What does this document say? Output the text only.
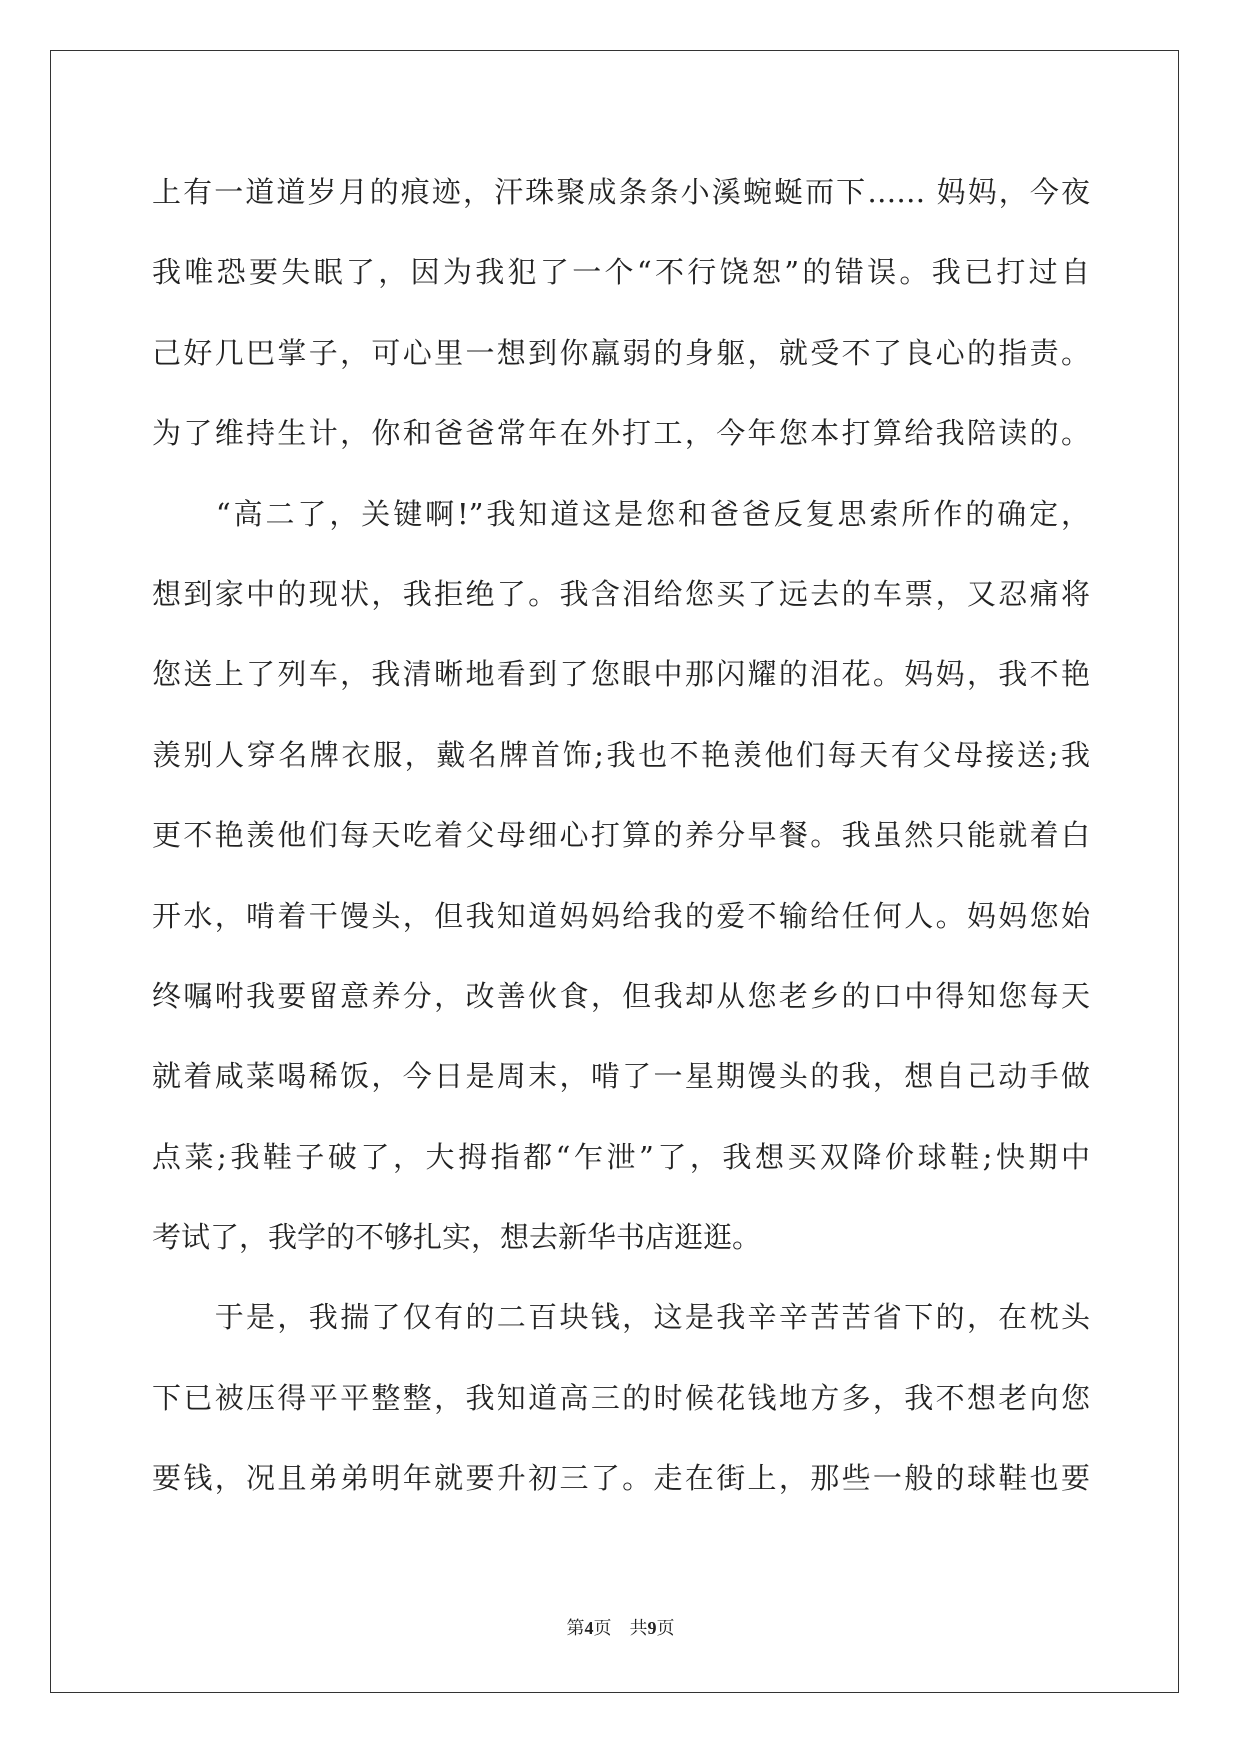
上有一道道岁月的痕迹，汗珠聚成条条小溪蜿蜒而下…… 妈妈，今夜
我唯恐要失眠了，因为我犯了一个“不行饶恕”的错误。我已打过自
己好几巴掌子，可心里一想到你羸弱的身躯，就受不了良心的指责。
为了维持生计，你和爸爸常年在外打工，今年您本打算给我陪读的。
　　“高二了，关键啊!”我知道这是您和爸爸反复思索所作的确定，
想到家中的现状，我拒绝了。我含泪给您买了远去的车票，又忍痛将
您送上了列车，我清晰地看到了您眼中那闪耀的泪花。妈妈，我不艳
羡别人穿名牌衣服，戴名牌首饰;我也不艳羡他们每天有父母接送;我
更不艳羡他们每天吃着父母细心打算的养分早餐。我虽然只能就着白
开水，啃着干馒头，但我知道妈妈给我的爱不输给任何人。妈妈您始
终嘱咐我要留意养分，改善伙食，但我却从您老乡的口中得知您每天
就着咸菜喝稀饭，今日是周末，啃了一星期馒头的我，想自己动手做
点菜;我鞋子破了，大拇指都“乍泄”了，我想买双降价球鞋;快期中
考试了，我学的不够扎实，想去新华书店逛逛。
　　于是，我揣了仅有的二百块钱，这是我辛辛苦苦省下的，在枕头
下已被压得平平整整，我知道高三的时候花钱地方多，我不想老向您
要钱，况且弟弟明年就要升初三了。走在街上，那些一般的球鞋也要
第4页　共9页
